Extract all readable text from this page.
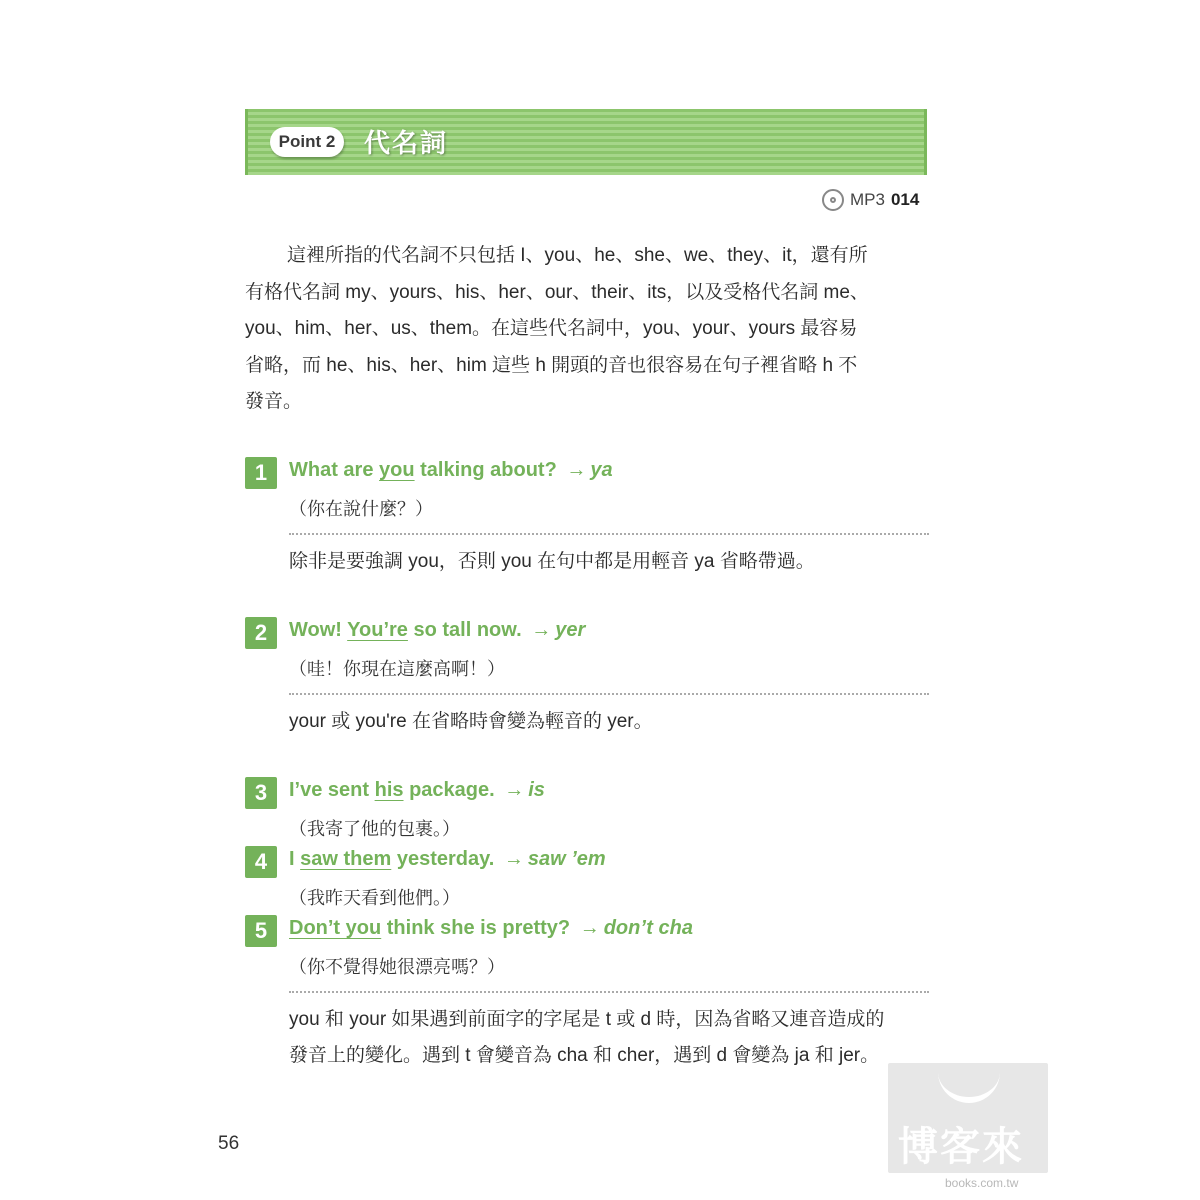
Point 2	代名詞
MP3 014
這裡所指的代名詞不只包括 I、you、he、she、we、they、it，還有所
有格代名詞 my、yours、his、her、our、their、its，以及受格代名詞 me、
you、him、her、us、them。在這些代名詞中，you、your、yours 最容易
省略，而 he、his、her、him 這些 h 開頭的音也很容易在句子裡省略 h 不
發音。
1	What are you talking about? → ya
（你在說什麼？）
除非是要強調 you，否則 you 在句中都是用輕音 ya 省略帶過。
2	Wow! You’re so tall now. → yer
（哇！你現在這麼高啊！）
your 或 you're 在省略時會變為輕音的 yer。
3	I’ve sent his package. → is
（我寄了他的包裹。）
4	I saw them yesterday. → saw ’em
（我昨天看到他們。）
5	Don’t you think she is pretty? → don’t cha
（你不覺得她很漂亮嗎？）
you 和 your 如果遇到前面字的字尾是 t 或 d 時，因為省略又連音造成的
發音上的變化。遇到 t 會變音為 cha 和 cher，遇到 d 會變為 ja 和 jer。
56	博客來
books.com.tw
